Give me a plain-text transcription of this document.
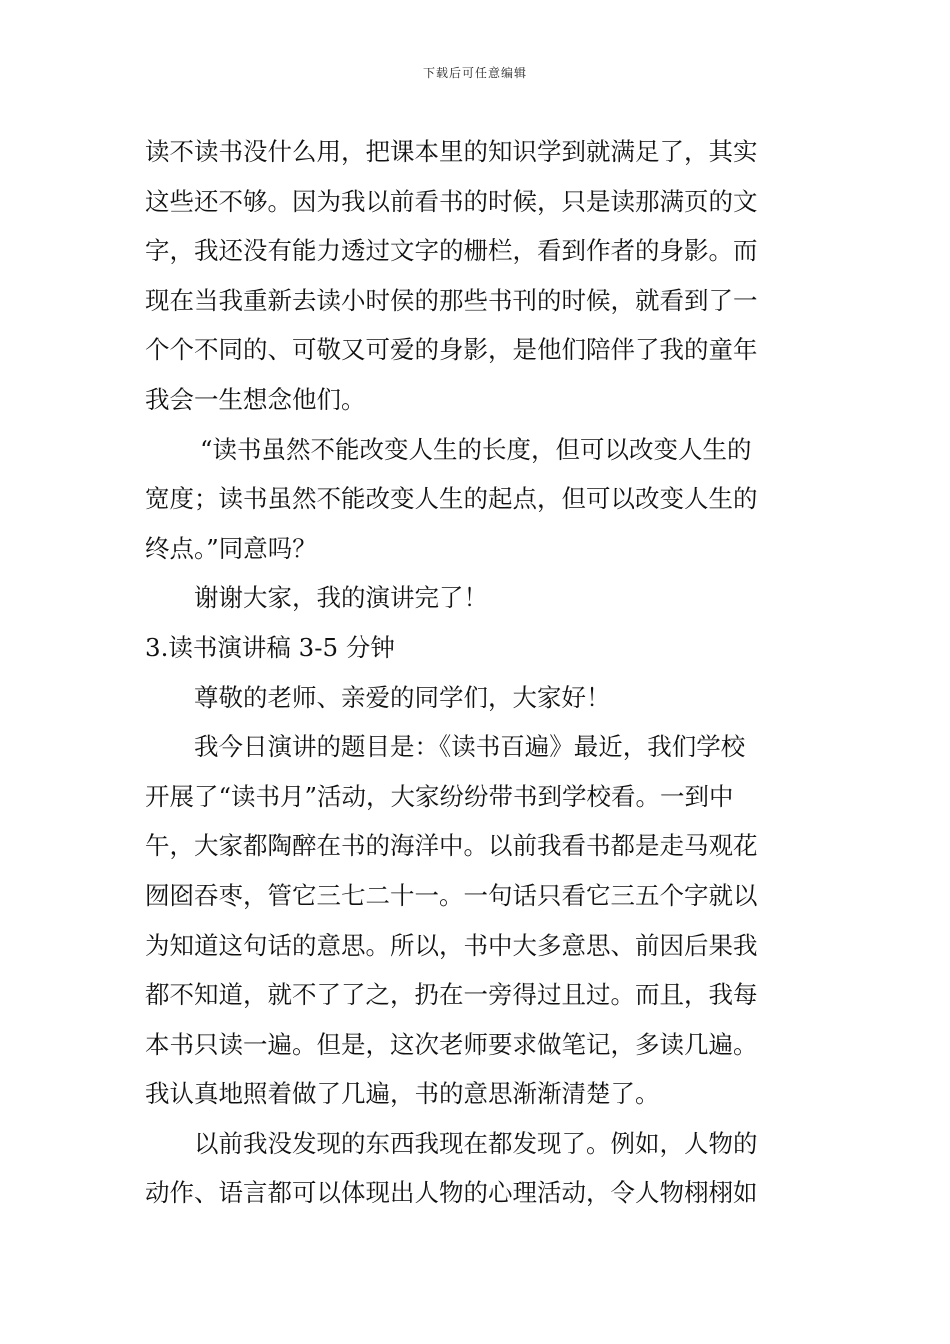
下载后可任意编辑
读不读书没什么用，把课本里的知识学到就满足了，其实
这些还不够。因为我以前看书的时候，只是读那满页的文
字，我还没有能力透过文字的栅栏，看到作者的身影。而
现在当我重新去读小时侯的那些书刊的时候，就看到了一
个个不同的、可敬又可爱的身影，是他们陪伴了我的童年
我会一生想念他们。
“读书虽然不能改变人生的长度，但可以改变人生的
宽度；读书虽然不能改变人生的起点，但可以改变人生的
终点。”同意吗？
谢谢大家，我的演讲完了！
3.读书演讲稿 3-5 分钟
尊敬的老师、亲爱的同学们，大家好！
我今日演讲的题目是：《读书百遍》最近，我们学校
开展了“读书月”活动，大家纷纷带书到学校看。一到中
午，大家都陶醉在书的海洋中。以前我看书都是走马观花
囫囵吞枣，管它三七二十一。一句话只看它三五个字就以
为知道这句话的意思。所以，书中大多意思、前因后果我
都不知道，就不了了之，扔在一旁得过且过。而且，我每
本书只读一遍。但是，这次老师要求做笔记，多读几遍。
我认真地照着做了几遍，书的意思渐渐清楚了。
以前我没发现的东西我现在都发现了。例如，人物的
动作、语言都可以体现出人物的心理活动，令人物栩栩如
